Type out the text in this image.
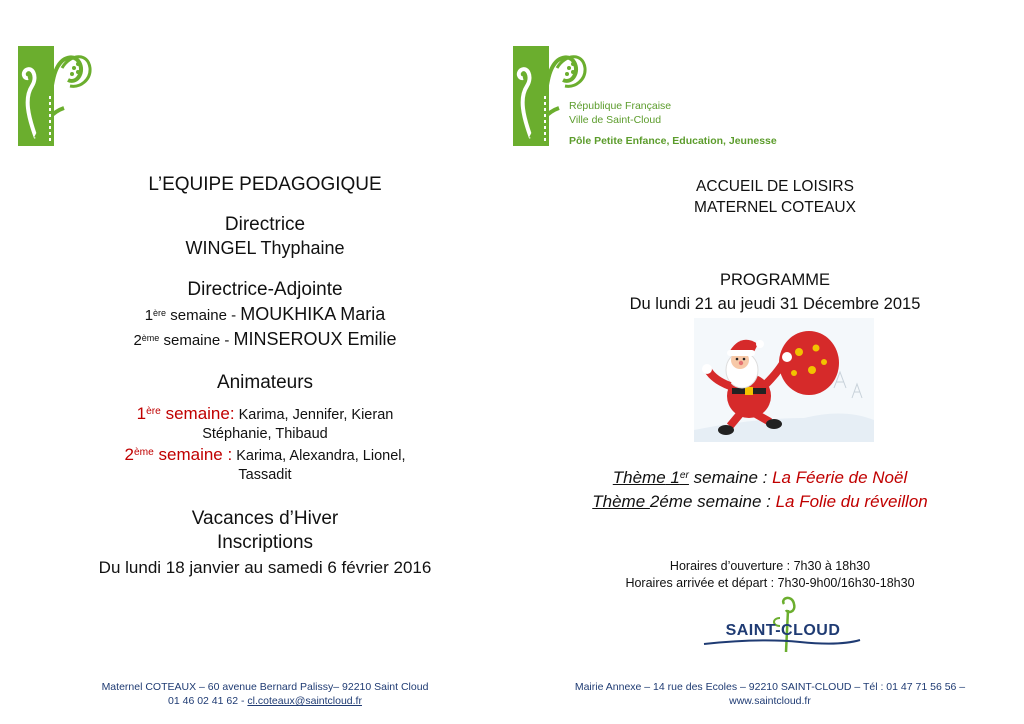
L’EQUIPE PEDAGOGIQUE
Directrice
WINGEL Thyphaine
Directrice-Adjointe
1ère semaine - MOUKHIKA Maria
2ème semaine - MINSEROUX Emilie
Animateurs
1ère semaine: Karima, Jennifer, Kieran
Stéphanie, Thibaud
2ème semaine : Karima, Alexandra, Lionel,
Tassadit
Vacances d’Hiver
Inscriptions
Du lundi 18 janvier au samedi 6 février 2016
Maternel COTEAUX – 60 avenue Bernard Palissy– 92210 Saint Cloud
01 46 02 41 62 - cl.coteaux@saintcloud.fr
République Française
Ville de Saint-Cloud
Pôle Petite Enfance, Education, Jeunesse
ACCUEIL DE LOISIRS
MATERNEL COTEAUX
PROGRAMME
Du lundi 21 au jeudi 31 Décembre 2015
Thème 1er semaine : La Féerie de Noël
Thème 2éme semaine : La Folie du réveillon
Horaires d’ouverture : 7h30 à 18h30
Horaires arrivée et départ : 7h30-9h00/16h30-18h30
SAINT-CLOUD
Mairie Annexe – 14 rue des Ecoles – 92210 SAINT-CLOUD – Tél : 01 47 71 56 56 –
www.saintcloud.fr
